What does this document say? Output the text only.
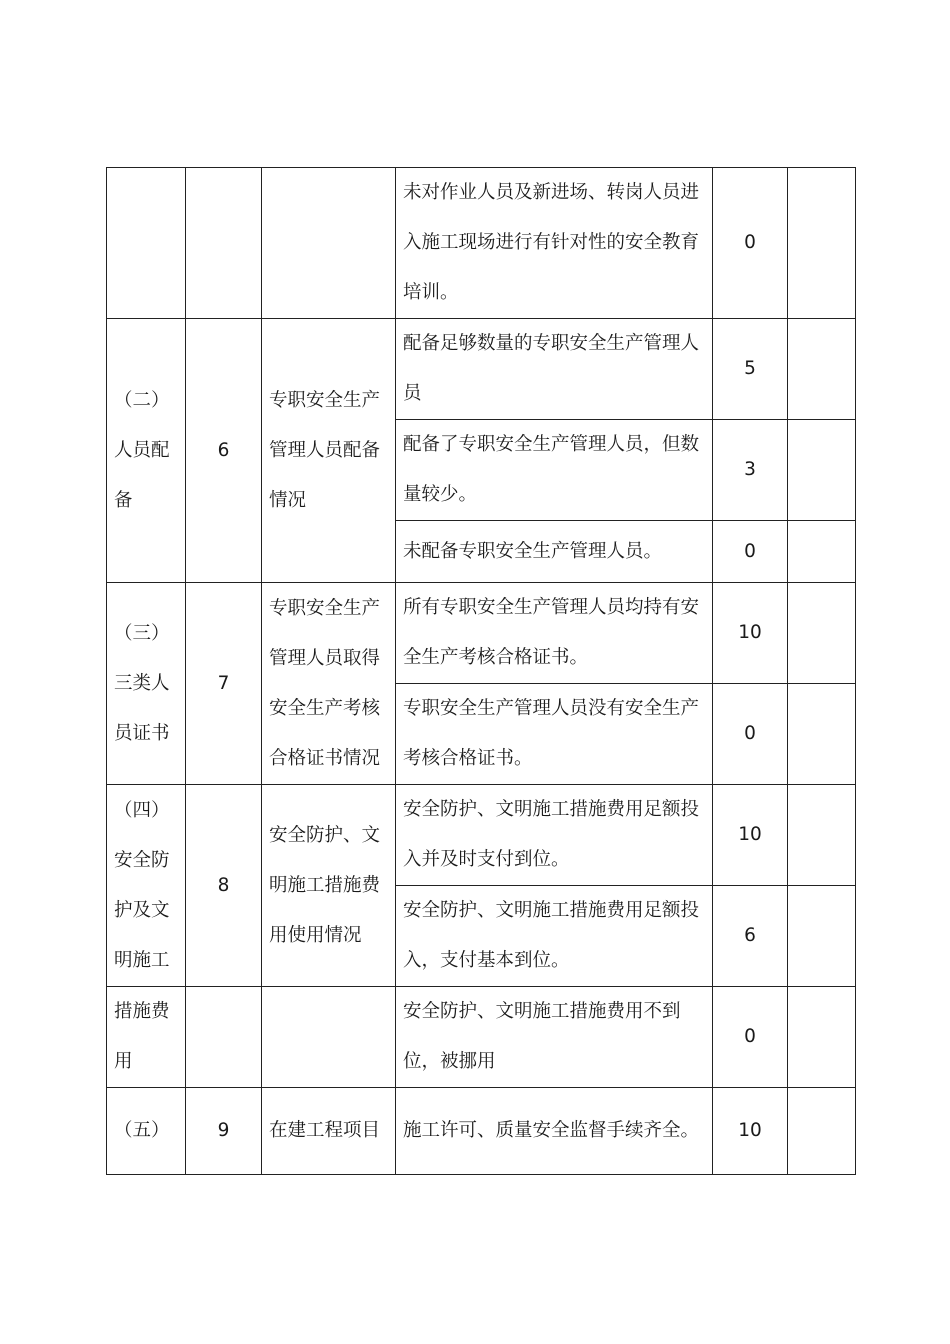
			未对作业人员及新进场、转岗人员进入施工现场进行有针对性的安全教育培训。	0	
（二）人员配备	6	专职安全生产管理人员配备情况	配备足够数量的专职安全生产管理人员	5	
			配备了专职安全生产管理人员，但数量较少。	3	
			未配备专职安全生产管理人员。	0	
（三）三类人员证书	7	专职安全生产管理人员取得安全生产考核合格证书情况	所有专职安全生产管理人员均持有安全生产考核合格证书。	10	
			专职安全生产管理人员没有安全生产考核合格证书。	0	
（四）安全防护及文明施工	8	安全防护、文明施工措施费用使用情况	安全防护、文明施工措施费用足额投入并及时支付到位。	10	
			安全防护、文明施工措施费用足额投入，支付基本到位。	6	
措施费用			安全防护、文明施工措施费用不到位，被挪用	0	
（五）	9	在建工程项目	施工许可、质量安全监督手续齐全。	10	
